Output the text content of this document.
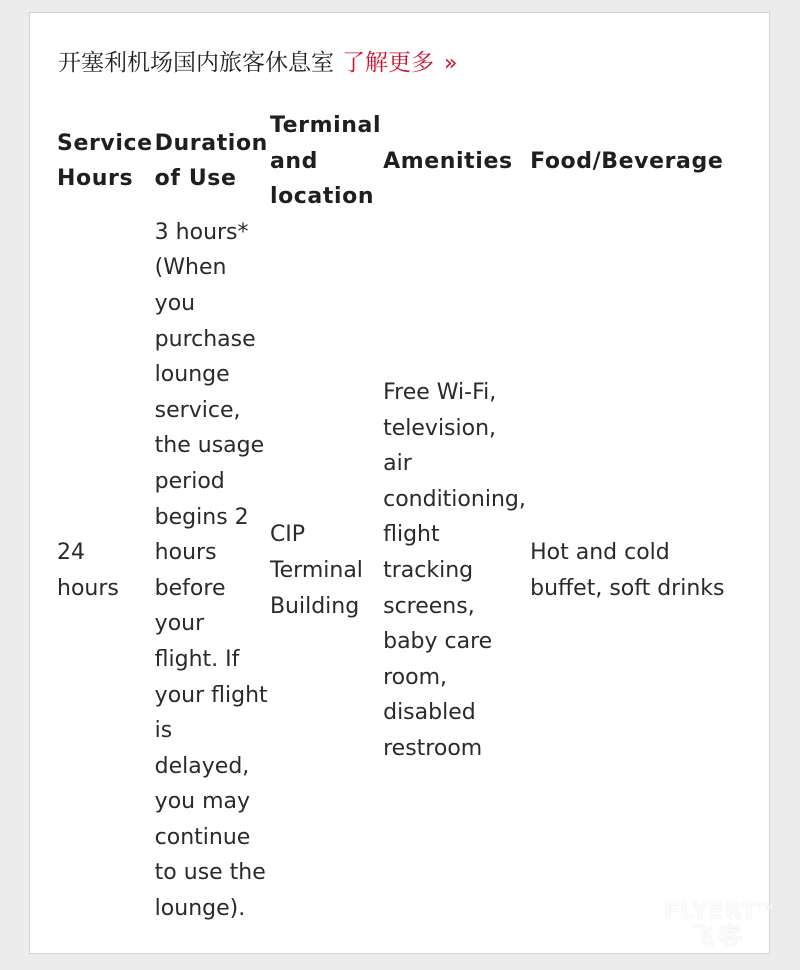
开塞利机场国内旅客休息室 了解更多 »
Service Hours	Duration of Use	Terminal and location	Amenities	Food/Beverage
24 hours	3 hours* (When you purchase lounge service, the usage period begins 2 hours before your flight. If your flight is delayed, you may continue to use the lounge).	CIP Terminal Building	Free Wi-Fi, television, air conditioning, flight tracking screens, baby care room, disabled restroom	Hot and cold buffet, soft drinks
FLYERT™
飞客
